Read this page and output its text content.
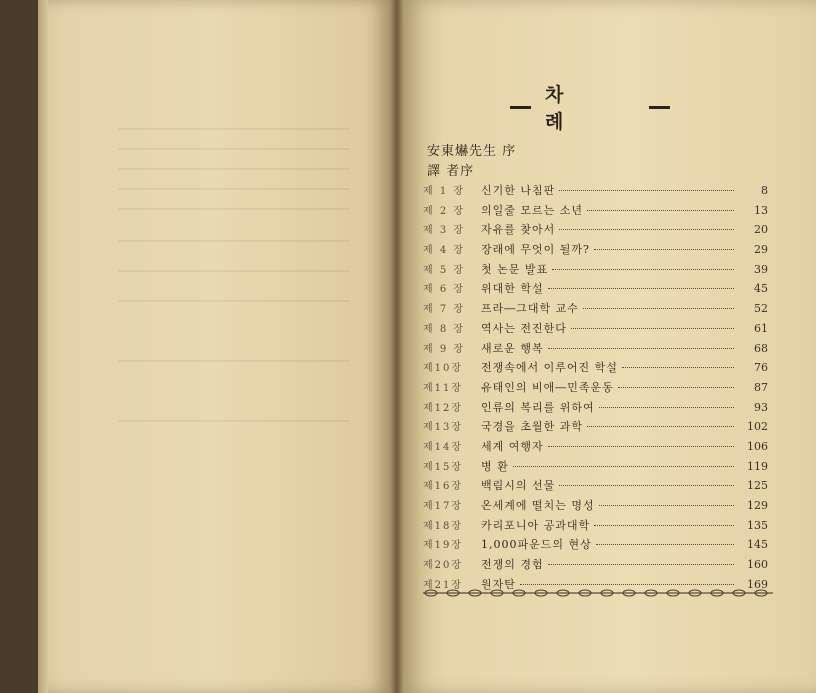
차 례
安東爀先生 序
譯 者序
제 1 장	신기한 나침판	8
제 2 장	의일줄 모르는 소년	13
제 3 장	자유를 찾아서	20
제 4 장	장래에 무엇이 될까?	29
제 5 장	첫 논문 발표	39
제 6 장	위대한 학설	45
제 7 장	프라―그대학 교수	52
제 8 장	역사는 전진한다	61
제 9 장	새로운 행복	68
제10장	전쟁속에서 이루어진 학설	76
제11장	유태인의 비애―민족운동	87
제12장	인류의 복리를 위하여	93
제13장	국경을 초월한 과학	102
제14장	세계 여행자	106
제15장	병 환	119
제16장	백림시의 선물	125
제17장	온세계에 떨치는 명성	129
제18장	카리포니아 공과대학	135
제19장	1,000파운드의 현상	145
제20장	전쟁의 경험	160
제21장	원자탄	169
